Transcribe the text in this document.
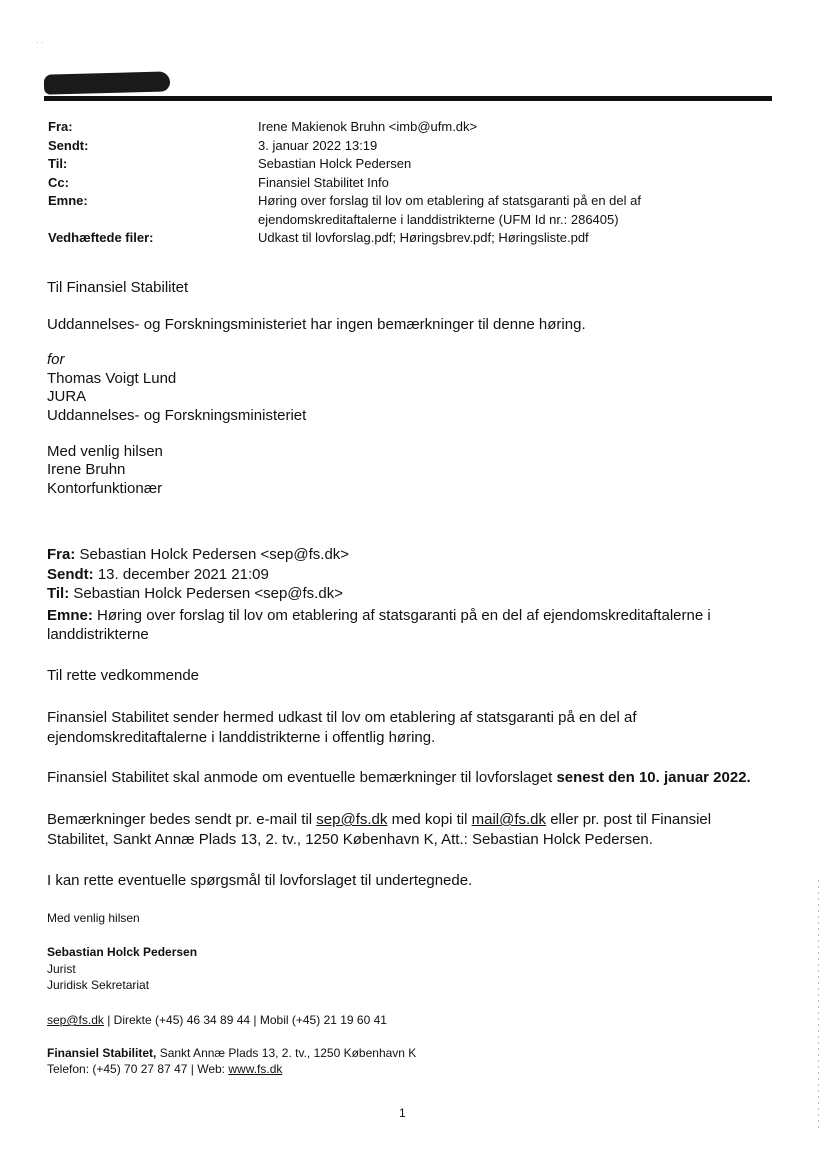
· ·
Fra:	Irene Makienok Bruhn <imb@ufm.dk>
Sendt:	3. januar 2022 13:19
Til:	Sebastian Holck Pedersen
Cc:	Finansiel Stabilitet Info
Emne:	Høring over forslag til lov om etablering af statsgaranti på en del af
ejendomskreditaftalerne i landdistrikterne (UFM Id nr.: 286405)
Vedhæftede filer:	Udkast til lovforslag.pdf; Høringsbrev.pdf; Høringsliste.pdf
Til Finansiel Stabilitet
Uddannelses- og Forskningsministeriet har ingen bemærkninger til denne høring.
for
Thomas Voigt Lund
JURA
Uddannelses- og Forskningsministeriet
Med venlig hilsen
Irene Bruhn
Kontorfunktionær
Fra: Sebastian Holck Pedersen <sep@fs.dk>
Sendt: 13. december 2021 21:09
Til: Sebastian Holck Pedersen <sep@fs.dk>
Emne: Høring over forslag til lov om etablering af statsgaranti på en del af ejendomskreditaftalerne i
landdistrikterne
Til rette vedkommende
Finansiel Stabilitet sender hermed udkast til lov om etablering af statsgaranti på en del af
ejendomskreditaftalerne i landdistrikterne i offentlig høring.
Finansiel Stabilitet skal anmode om eventuelle bemærkninger til lovforslaget senest den 10. januar 2022.
Bemærkninger bedes sendt pr. e-mail til sep@fs.dk med kopi til mail@fs.dk eller pr. post til Finansiel
Stabilitet, Sankt Annæ Plads 13, 2. tv., 1250 København K, Att.: Sebastian Holck Pedersen.
I kan rette eventuelle spørgsmål til lovforslaget til undertegnede.
Med venlig hilsen
Sebastian Holck Pedersen
Jurist
Juridisk Sekretariat
sep@fs.dk | Direkte (+45) 46 34 89 44 | Mobil (+45) 21 19 60 41
Finansiel Stabilitet, Sankt Annæ Plads 13, 2. tv., 1250 København K
Telefon: (+45) 70 27 87 47 | Web: www.fs.dk
1
